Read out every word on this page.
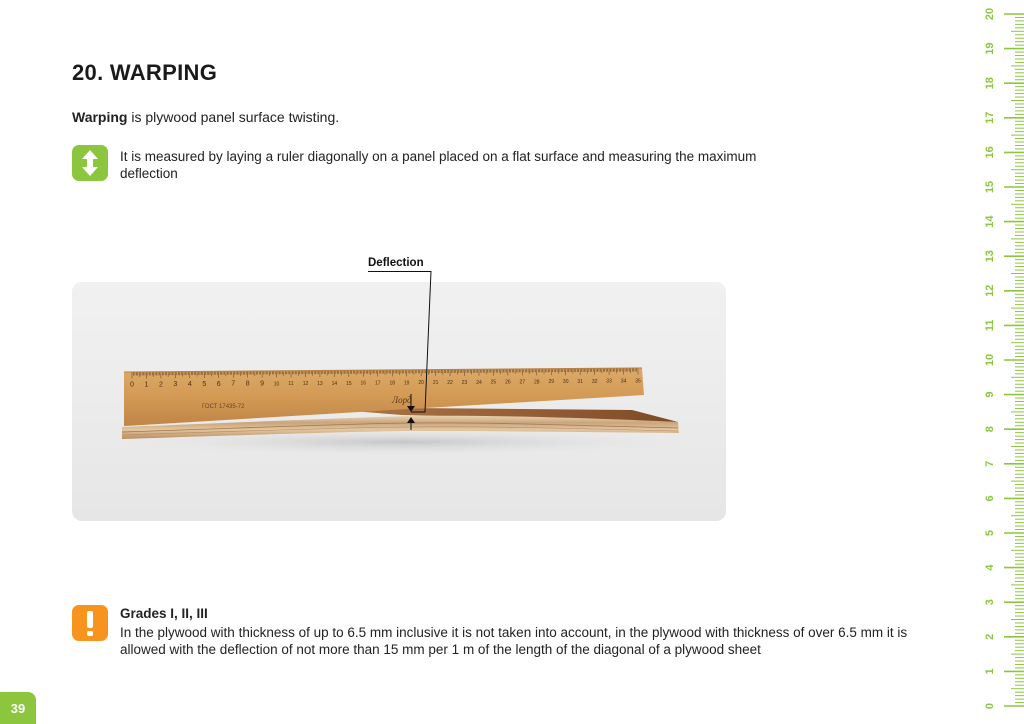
20. WARPING
Warping is plywood panel surface twisting.
It is measured by laying a ruler diagonally on a panel placed on a flat surface and measuring the maximum deflection
Deflection
0 1 2 3 4 5 6 7 8 9 10 11 12 13 14 15 16 17 18 19 20 21 22 23 24 25 26 27 28 29 30 31 32 33 34 35
ГОСТ 17435-72
Лорд
Grades I, II, III
In the plywood with thickness of up to 6.5 mm inclusive it is not taken into account, in the plywood with thickness of over 6.5 mm it is allowed with the deflection of not more than 15 mm per 1 m of the length of the diagonal of a plywood sheet
39	0
1
2
3
4
5
6
7
8
9
10
11
12
13
14
15
16
17
18
19
20
